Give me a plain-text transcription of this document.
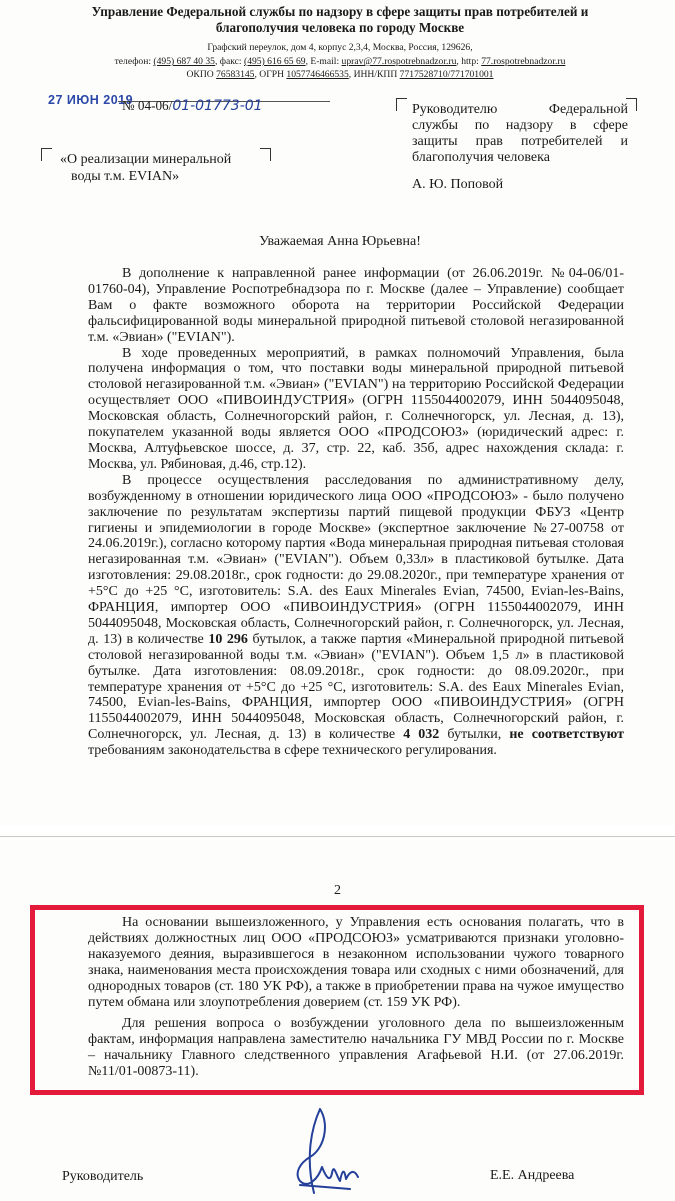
Управление Федеральной службы по надзору в сфере защиты прав потребителей и
благополучия человека по городу Москве
Графский переулок, дом 4, корпус 2,3,4, Москва, Россия, 129626,
телефон: (495) 687 40 35, факс: (495) 616 65 69, E-mail: uprav@77.rospotrebnadzor.ru, http: 77.rospotrebnadzor.ru
ОКПО 76583145, ОГРН 1057746466535, ИНН/КПП 7717528710/771701001
27 ИЮН 2019
№ 04-06/01-01773-01
«О реализации минеральной
воды т.м. EVIAN»
Руководителю Федеральной
службы по надзору в сфере
защиты прав потребителей и
благополучия человека
А. Ю. Поповой
Уважаемая Анна Юрьевна!

В дополнение к направленной ранее информации (от 26.06.2019г. №04-06/01-01760-04), Управление Роспотребнадзора по г. Москве (далее – Управление) сообщает Вам о факте возможного оборота на территории Российской Федерации фальсифицированной воды минеральной природной питьевой столовой негазированной т.м. «Эвиан» ("EVIAN").

В ходе проведенных мероприятий, в рамках полномочий Управления, была получена информация о том, что поставки воды минеральной природной питьевой столовой негазированной т.м. «Эвиан» ("EVIAN") на территорию Российской Федерации осуществляет ООО «ПИВОИНДУСТРИЯ» (ОГРН 1155044002079, ИНН 5044095048, Московская область, Солнечногорский район, г. Солнечногорск, ул. Лесная, д. 13), покупателем указанной воды является ООО «ПРОДСОЮЗ» (юридический адрес: г. Москва, Алтуфьевское шоссе, д. 37, стр. 22, каб. 35б, адрес нахождения склада: г. Москва, ул. Рябиновая, д.46, стр.12).

В процессе осуществления расследования по административному делу, возбужденному в отношении юридического лица ООО «ПРОДСОЮЗ» - было получено заключение по результатам экспертизы партий пищевой продукции ФБУЗ «Центр гигиены и эпидемиологии в городе Москве» (экспертное заключение №27-00758 от 24.06.2019г.), согласно которому партия «Вода минеральная природная питьевая столовая негазированная т.м. «Эвиан» ("EVIAN"). Объем 0,33л» в пластиковой бутылке. Дата изготовления: 29.08.2018г., срок годности: до 29.08.2020г., при температуре хранения от +5°С до +25 °С, изготовитель: S.A. des Eaux Minerales Evian, 74500, Evian-les-Bains, ФРАНЦИЯ, импортер ООО «ПИВОИНДУСТРИЯ» (ОГРН 1155044002079, ИНН 5044095048, Московская область, Солнечногорский район, г. Солнечногорск, ул. Лесная, д. 13) в количестве 10 296 бутылок, а также партия «Минеральной природной питьевой столовой негазированной воды т.м. «Эвиан» ("EVIAN"). Объем 1,5 л» в пластиковой бутылке. Дата изготовления: 08.09.2018г., срок годности: до 08.09.2020г., при температуре хранения от +5°С до +25 °С, изготовитель: S.A. des Eaux Minerales Evian, 74500, Evian-les-Bains, ФРАНЦИЯ, импортер ООО «ПИВОИНДУСТРИЯ» (ОГРН 1155044002079, ИНН 5044095048, Московская область, Солнечногорский район, г. Солнечногорск, ул. Лесная, д. 13) в количестве 4 032 бутылки, не соответствуют требованиям законодательства в сфере технического регулирования.

2

На основании вышеизложенного, у Управления есть основания полагать, что в действиях должностных лиц ООО «ПРОДСОЮЗ» усматриваются признаки уголовно-наказуемого деяния, выразившегося в незаконном использовании чужого товарного знака, наименования места происхождения товара или сходных с ними обозначений, для однородных товаров (ст. 180 УК РФ), а также в приобретении права на чужое имущество путем обмана или злоупотребления доверием (ст. 159 УК РФ).

Для решения вопроса о возбуждении уголовного дела по вышеизложенным фактам, информация направлена заместителю начальника ГУ МВД России по г. Москве – начальнику Главного следственного управления Агафьевой Н.И. (от 27.06.2019г. №11/01-00873-11).

Руководитель	Е.Е. Андреева
